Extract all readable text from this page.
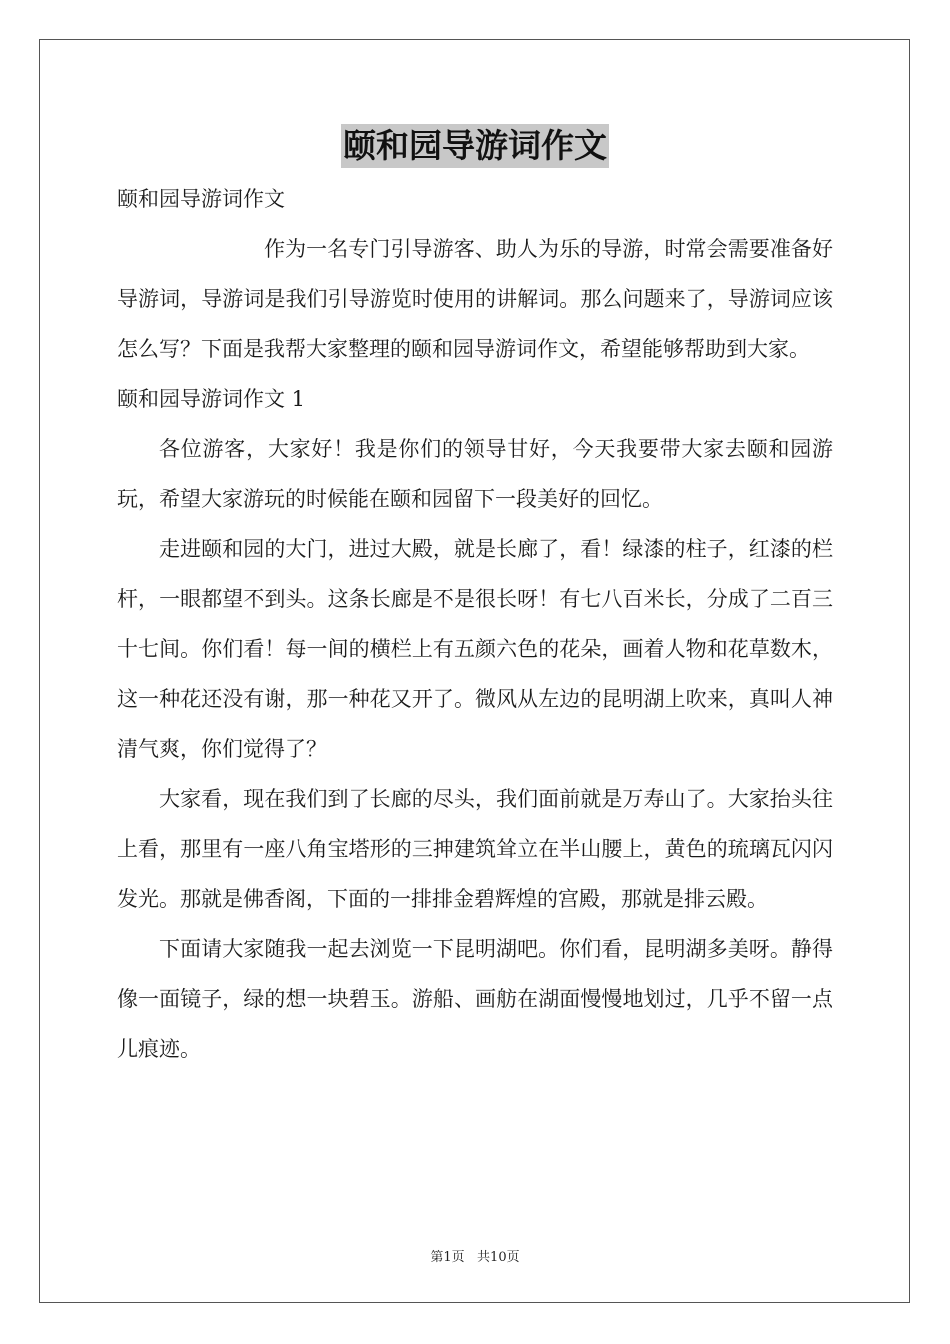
颐和园导游词作文

颐和园导游词作文

作为一名专门引导游客、助人为乐的导游，时常会需要准备好导游词，导游词是我们引导游览时使用的讲解词。那么问题来了，导游词应该怎么写？下面是我帮大家整理的颐和园导游词作文，希望能够帮助到大家。

颐和园导游词作文 1

各位游客，大家好！我是你们的领导甘好，今天我要带大家去颐和园游玩，希望大家游玩的时候能在颐和园留下一段美好的回忆。

走进颐和园的大门，进过大殿，就是长廊了，看！绿漆的柱子，红漆的栏杆，一眼都望不到头。这条长廊是不是很长呀！有七八百米长，分成了二百三十七间。你们看！每一间的横栏上有五颜六色的花朵，画着人物和花草数木，这一种花还没有谢，那一种花又开了。微风从左边的昆明湖上吹来，真叫人神清气爽，你们觉得了？

大家看，现在我们到了长廊的尽头，我们面前就是万寿山了。大家抬头往上看，那里有一座八角宝塔形的三抻建筑耸立在半山腰上，黄色的琉璃瓦闪闪发光。那就是佛香阁，下面的一排排金碧辉煌的宫殿，那就是排云殿。

下面请大家随我一起去浏览一下昆明湖吧。你们看，昆明湖多美呀。静得像一面镜子，绿的想一块碧玉。游船、画舫在湖面慢慢地划过，几乎不留一点儿痕迹。

第1页   共10页
